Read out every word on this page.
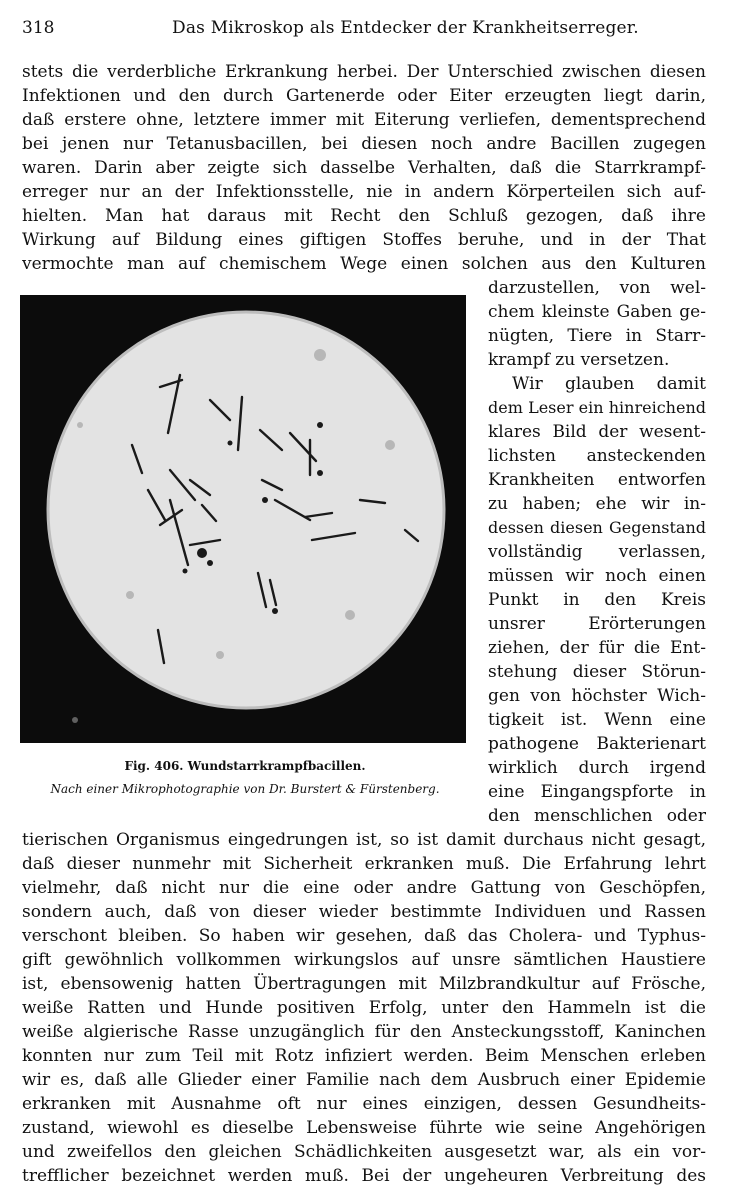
318	Das Mikroskop als Entdecker der Krankheitserreger.
stets die verderbliche Erkrankung herbei. Der Unterschied zwischen diesen
Infektionen und den durch Gartenerde oder Eiter erzeugten liegt darin,
daß erstere ohne, letztere immer mit Eiterung verliefen, dementsprechend
bei jenen nur Tetanusbacillen, bei diesen noch andre Bacillen zugegen
waren. Darin aber zeigte sich dasselbe Verhalten, daß die Starrkrampf-
erreger nur an der Infektionsstelle, nie in andern Körperteilen sich auf-
hielten. Man hat daraus mit Recht den Schluß gezogen, daß ihre
Wirkung auf Bildung eines giftigen Stoffes beruhe, und in der That
vermochte man auf chemischem Wege einen solchen aus den Kulturen
Fig. 406. Wundstarrkrampfbacillen.
Nach einer Mikrophotographie von Dr. Burstert & Fürstenberg.
darzustellen, von wel-
chem kleinste Gaben ge-
nügten, Tiere in Starr-
krampf zu versetzen.
Wir glauben damit
dem Leser ein hinreichend
klares Bild der wesent-
lichsten ansteckenden
Krankheiten entworfen
zu haben; ehe wir in-
dessen diesen Gegenstand
vollständig verlassen,
müssen wir noch einen
Punkt in den Kreis
unsrer Erörterungen
ziehen, der für die Ent-
stehung dieser Störun-
gen von höchster Wich-
tigkeit ist. Wenn eine
pathogene Bakterienart
wirklich durch irgend
eine Eingangspforte in
den menschlichen oder
tierischen Organismus eingedrungen ist, so ist damit durchaus nicht gesagt,
daß dieser nunmehr mit Sicherheit erkranken muß. Die Erfahrung lehrt
vielmehr, daß nicht nur die eine oder andre Gattung von Geschöpfen,
sondern auch, daß von dieser wieder bestimmte Individuen und Rassen
verschont bleiben. So haben wir gesehen, daß das Cholera- und Typhus-
gift gewöhnlich vollkommen wirkungslos auf unsre sämtlichen Haustiere
ist, ebensowenig hatten Übertragungen mit Milzbrandkultur auf Frösche,
weiße Ratten und Hunde positiven Erfolg, unter den Hammeln ist die
weiße algierische Rasse unzugänglich für den Ansteckungsstoff, Kaninchen
konnten nur zum Teil mit Rotz infiziert werden. Beim Menschen erleben
wir es, daß alle Glieder einer Familie nach dem Ausbruch einer Epidemie
erkranken mit Ausnahme oft nur eines einzigen, dessen Gesundheits-
zustand, wiewohl es dieselbe Lebensweise führte wie seine Angehörigen
und zweifellos den gleichen Schädlichkeiten ausgesetzt war, als ein vor-
trefflicher bezeichnet werden muß. Bei der ungeheuren Verbreitung des
